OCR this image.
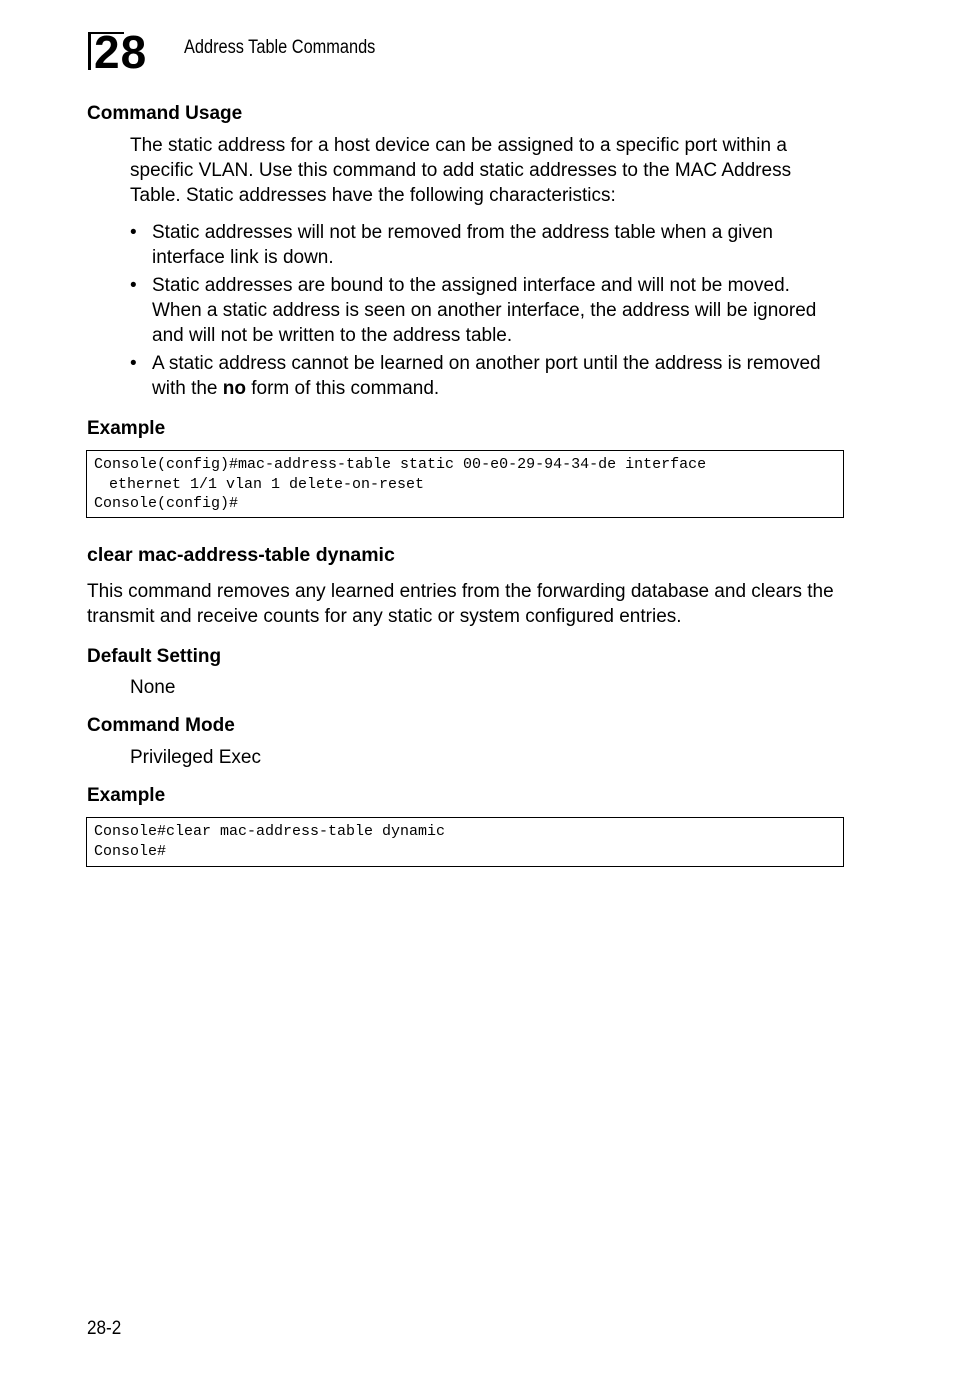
28 Address Table Commands
Command Usage
The static address for a host device can be assigned to a specific port within a specific VLAN. Use this command to add static addresses to the MAC Address Table. Static addresses have the following characteristics:
• Static addresses will not be removed from the address table when a given interface link is down.
• Static addresses are bound to the assigned interface and will not be moved. When a static address is seen on another interface, the address will be ignored and will not be written to the address table.
• A static address cannot be learned on another port until the address is removed with the no form of this command.
Example
Console(config)#mac-address-table static 00-e0-29-94-34-de interface
ethernet 1/1 vlan 1 delete-on-reset
Console(config)#
clear mac-address-table dynamic
This command removes any learned entries from the forwarding database and clears the transmit and receive counts for any static or system configured entries.
Default Setting
None
Command Mode
Privileged Exec
Example
Console#clear mac-address-table dynamic
Console#
28-2
